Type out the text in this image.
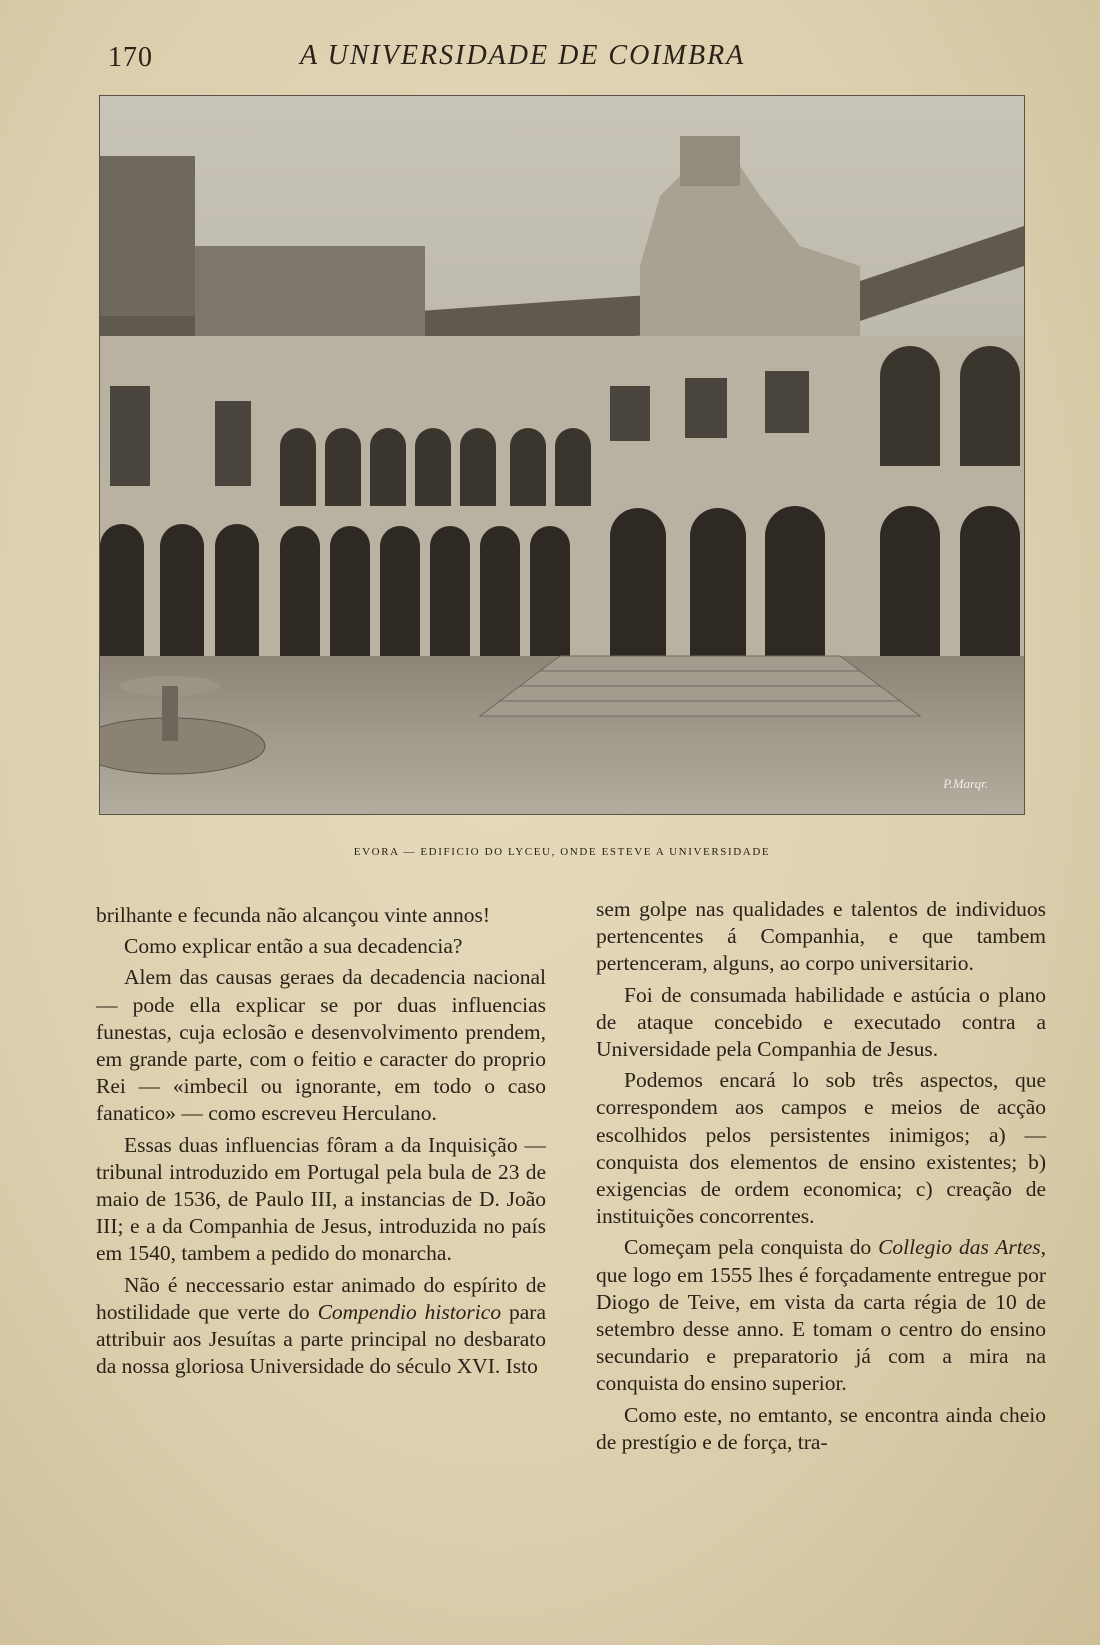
170	A UNIVERSIDADE DE COIMBRA
P.Marqr.
EVORA — EDIFICIO DO LYCEU, ONDE ESTEVE A UNIVERSIDADE

brilhante e fecunda não alcançou vinte annos!

Como explicar então a sua decadencia?

Alem das causas geraes da decadencia nacional — pode ella explicar se por duas influencias funestas, cuja eclosão e desenvolvimento prendem, em grande parte, com o feitio e caracter do proprio Rei — «imbecil ou ignorante, em todo o caso fanatico» — como escreveu Herculano.

Essas duas influencias fôram a da Inquisição — tribunal introduzido em Portugal pela bula de 23 de maio de 1536, de Paulo III, a instancias de D. João III; e a da Companhia de Jesus, introduzida no país em 1540, tambem a pedido do monarcha.

Não é neccessario estar animado do espírito de hostilidade que verte do Compendio historico para attribuir aos Jesuítas a parte principal no desbarato da nossa gloriosa Universidade do século XVI. Isto

sem golpe nas qualidades e talentos de individuos pertencentes á Companhia, e que tambem pertenceram, alguns, ao corpo universitario.

Foi de consumada habilidade e astúcia o plano de ataque concebido e executado contra a Universidade pela Companhia de Jesus.

Podemos encará lo sob três aspectos, que correspondem aos campos e meios de acção escolhidos pelos persistentes inimigos; a) — conquista dos elementos de ensino existentes; b) exigencias de ordem economica; c) creação de instituições concorrentes.

Começam pela conquista do Collegio das Artes, que logo em 1555 lhes é forçadamente entregue por Diogo de Teive, em vista da carta régia de 10 de setembro desse anno. E tomam o centro do ensino secundario e preparatorio já com a mira na conquista do ensino superior.

Como este, no emtanto, se encontra ainda cheio de prestígio e de força, tra-
